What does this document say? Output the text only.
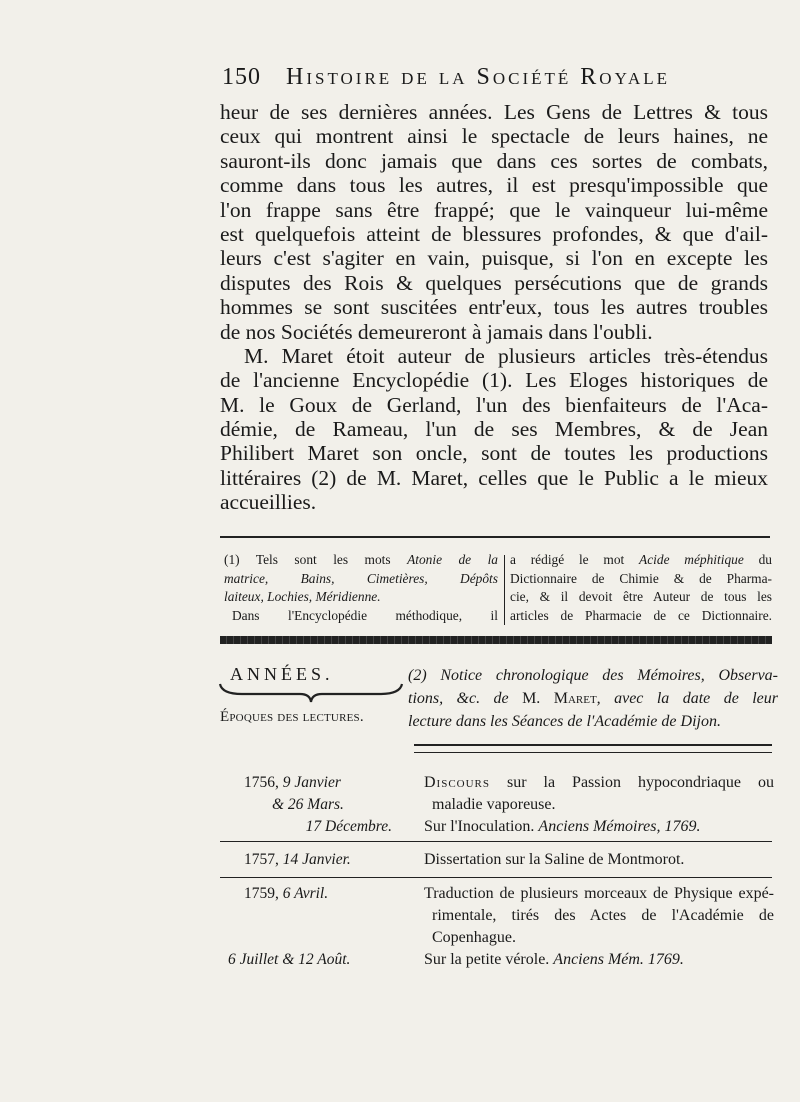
150 Histoire de la Société Royale
heur de ses dernières années. Les Gens de Lettres & tous
ceux qui montrent ainsi le spectacle de leurs haines, ne
sauront-ils donc jamais que dans ces sortes de combats,
comme dans tous les autres, il est presqu'impossible que
l'on frappe sans être frappé; que le vainqueur lui-même
est quelquefois atteint de blessures profondes, & que d'ail-
leurs c'est s'agiter en vain, puisque, si l'on en excepte les
disputes des Rois & quelques persécutions que de grands
hommes se sont suscitées entr'eux, tous les autres troubles
de nos Sociétés demeureront à jamais dans l'oubli.
M. Maret étoit auteur de plusieurs articles très-étendus
de l'ancienne Encyclopédie (1). Les Eloges historiques de
M. le Goux de Gerland, l'un des bienfaiteurs de l'Aca-
démie, de Rameau, l'un de ses Membres, & de Jean
Philibert Maret son oncle, sont de toutes les productions
littéraires (2) de M. Maret, celles que le Public a le mieux
accueillies.
(1) Tels sont les mots Atonie de la
matrice, Bains, Cimetières, Dépôts
laiteux, Lochies, Méridienne.
Dans l'Encyclopédie méthodique, il
a rédigé le mot Acide méphitique du
Dictionnaire de Chimie & de Pharma-
cie, & il devoit être Auteur de tous les
articles de Pharmacie de ce Dictionnaire.
ANNÉES.
Époques des lectures.
(2) Notice chronologique des Mémoires, Observa-
tions, &c. de M. Maret, avec la date de leur
lecture dans les Séances de l'Académie de Dijon.
1756, 9 Janvier
& 26 Mars.
17 Décembre.
Discours sur la Passion hypocondriaque ou
maladie vaporeuse.
Sur l'Inoculation. Anciens Mémoires, 1769.
1757, 14 Janvier.	Dissertation sur la Saline de Montmorot.
1759, 6 Avril.
6 Juillet & 12 Août.
Traduction de plusieurs morceaux de Physique expé-
rimentale, tirés des Actes de l'Académie de
Copenhague.
Sur la petite vérole. Anciens Mém. 1769.
